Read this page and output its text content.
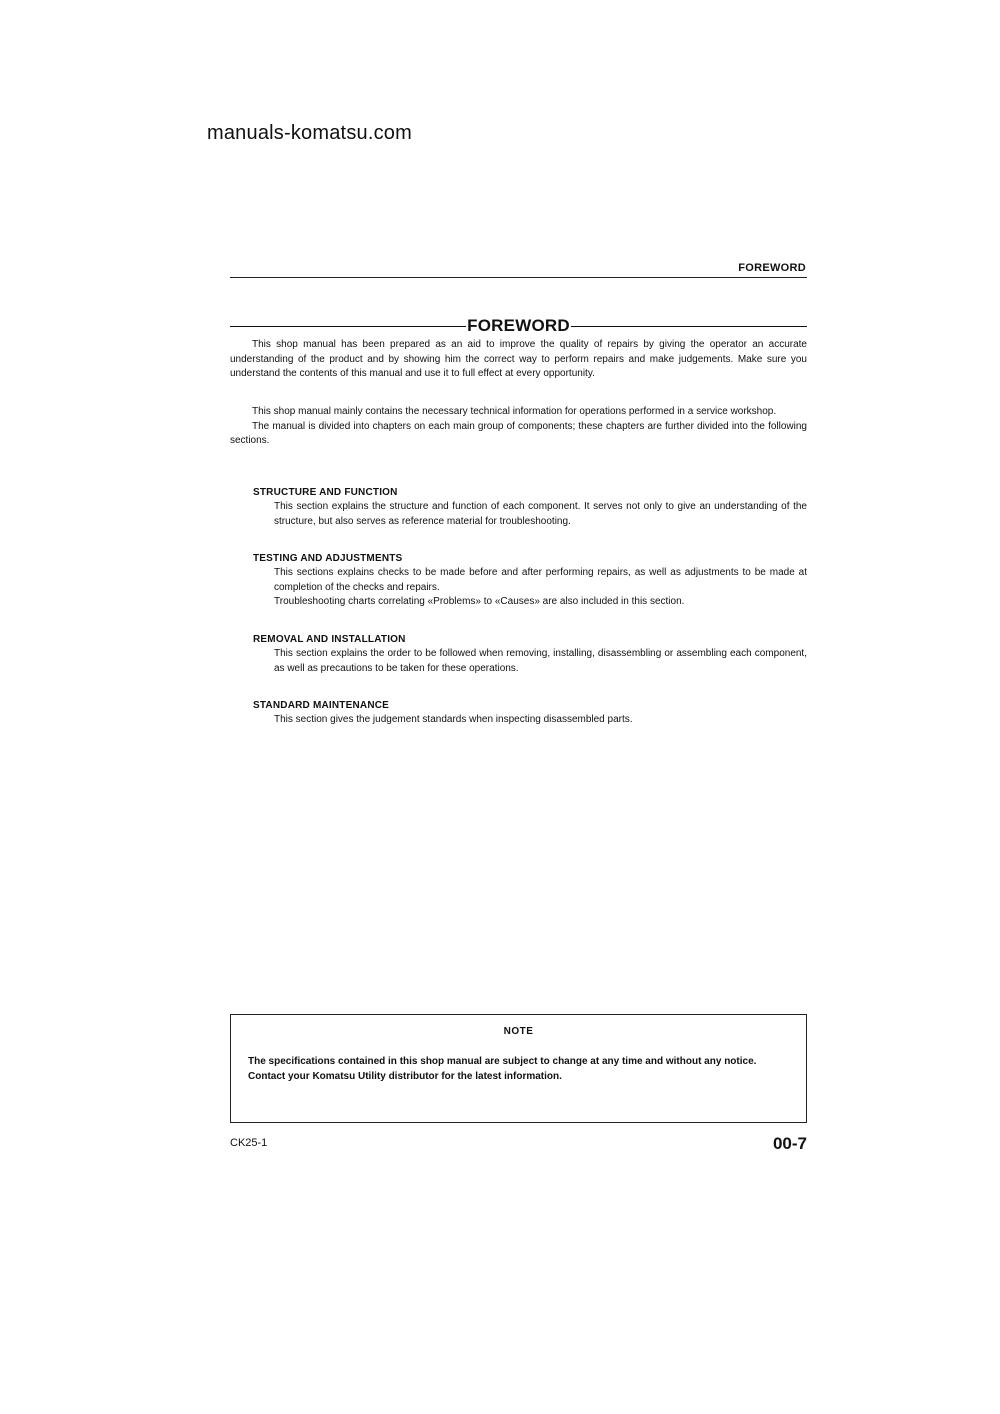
manuals-komatsu.com
FOREWORD
FOREWORD

This shop manual has been prepared as an aid to improve the quality of repairs by giving the operator an accurate understanding of the product and by showing him the correct way to perform repairs and make judgements. Make sure you understand the contents of this manual and use it to full effect at every opportunity.

This shop manual mainly contains the necessary technical information for operations performed in a service workshop.

The manual is divided into chapters on each main group of components; these chapters are further divided into the following sections.

STRUCTURE AND FUNCTION

This section explains the structure and function of each component. It serves not only to give an understanding of the structure, but also serves as reference material for troubleshooting.

TESTING AND ADJUSTMENTS

This sections explains checks to be made before and after performing repairs, as well as adjustments to be made at completion of the checks and repairs.

Troubleshooting charts correlating «Problems» to «Causes» are also included in this section.

REMOVAL AND INSTALLATION

This section explains the order to be followed when removing, installing, disassembling or assembling each component, as well as precautions to be taken for these operations.

STANDARD MAINTENANCE

This section gives the judgement standards when inspecting disassembled parts.

NOTE

The specifications contained in this shop manual are subject to change at any time and without any notice.

Contact your Komatsu Utility distributor for the latest information.

CK25-1	00-7
